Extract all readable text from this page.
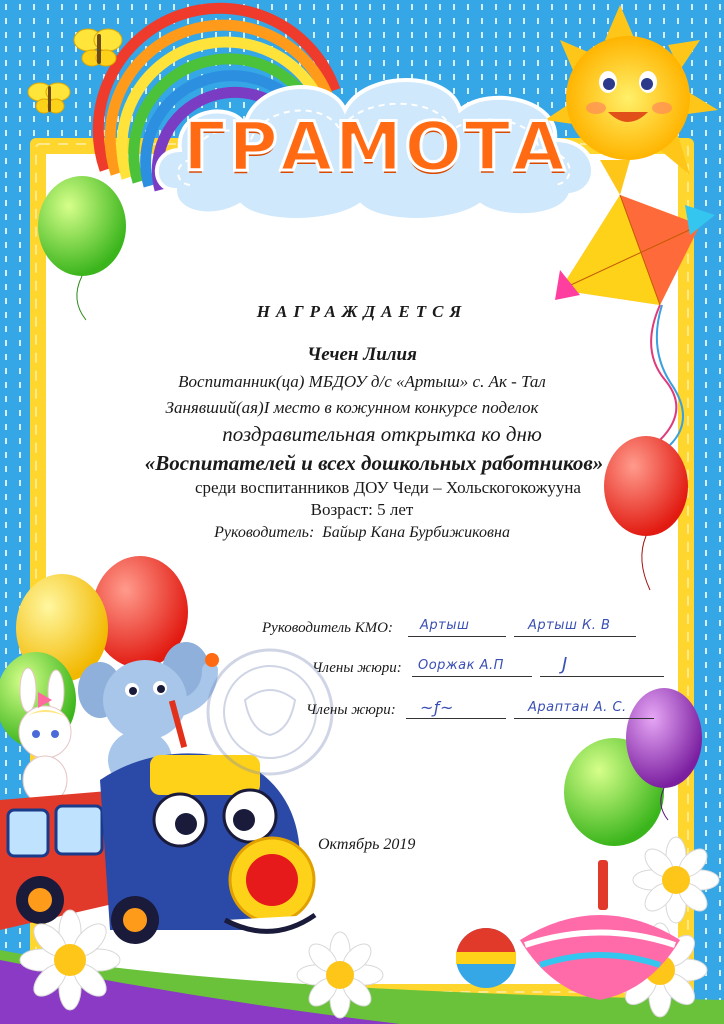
ГРАМОТА
НАГРАЖДАЕТСЯ
Чечен Лилия
Воспитанник(ца) МБДОУ д/с «Артыш» с. Ак - Тал
Занявший(ая)I место в кожунном конкурсе поделок
поздравительная открытка ко дню
«Воспитателей и всех дошкольных работников»
среди воспитанников ДОУ Чеди – Хольскогокожууна
Возраст: 5 лет
Руководитель: Байыр Кана Бурбижиковна
Руководитель КМО: Артыш	Артыш К. В
Члены жюри: Ооржак А.П	J
Члены жюри: ~ƒ~	Араптан А. С.
Октябрь 2019
